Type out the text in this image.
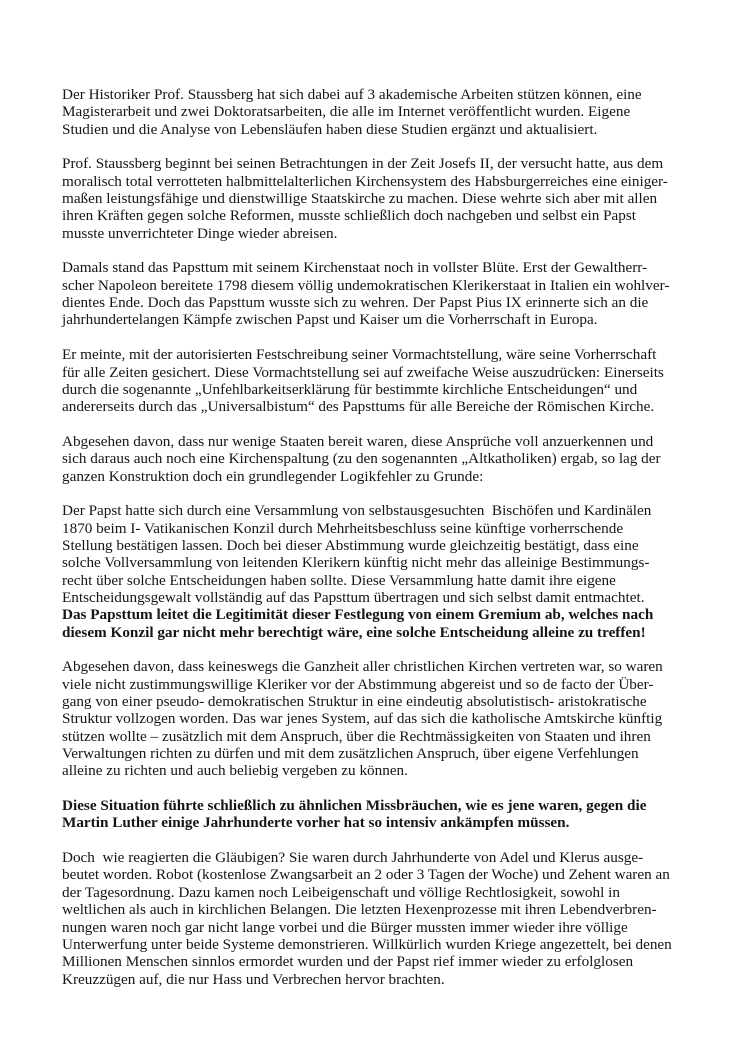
Der Historiker Prof. Staussberg hat sich dabei auf 3 akademische Arbeiten stützen können, eine
Magisterarbeit und zwei Doktoratsarbeiten, die alle im Internet veröffentlicht wurden. Eigene
Studien und die Analyse von Lebensläufen haben diese Studien ergänzt und aktualisiert.

Prof. Staussberg beginnt bei seinen Betrachtungen in der Zeit Josefs II, der versucht hatte, aus dem
moralisch total verrotteten halbmittelalterlichen Kirchensystem des Habsburgerreiches eine einiger-
maßen leistungsfähige und dienstwillige Staatskirche zu machen. Diese wehrte sich aber mit allen
ihren Kräften gegen solche Reformen, musste schließlich doch nachgeben und selbst ein Papst
musste unverrichteter Dinge wieder abreisen.

Damals stand das Papsttum mit seinem Kirchenstaat noch in vollster Blüte. Erst der Gewaltherr-
scher Napoleon bereitete 1798 diesem völlig undemokratischen Klerikerstaat in Italien ein wohlver-
dientes Ende. Doch das Papsttum wusste sich zu wehren. Der Papst Pius IX erinnerte sich an die
jahrhundertelangen Kämpfe zwischen Papst und Kaiser um die Vorherrschaft in Europa.

Er meinte, mit der autorisierten Festschreibung seiner Vormachtstellung, wäre seine Vorherrschaft
für alle Zeiten gesichert. Diese Vormachtstellung sei auf zweifache Weise auszudrücken: Einerseits
durch die sogenannte „Unfehlbarkeitserklärung für bestimmte kirchliche Entscheidungen“ und
andererseits durch das „Universalbistum“ des Papsttums für alle Bereiche der Römischen Kirche.

Abgesehen davon, dass nur wenige Staaten bereit waren, diese Ansprüche voll anzuerkennen und
sich daraus auch noch eine Kirchenspaltung (zu den sogenannten „Altkatholiken) ergab, so lag der
ganzen Konstruktion doch ein grundlegender Logikfehler zu Grunde:

Der Papst hatte sich durch eine Versammlung von selbstausgesuchten  Bischöfen und Kardinälen
1870 beim I- Vatikanischen Konzil durch Mehrheitsbeschluss seine künftige vorherrschende
Stellung bestätigen lassen. Doch bei dieser Abstimmung wurde gleichzeitig bestätigt, dass eine
solche Vollversammlung von leitenden Klerikern künftig nicht mehr das alleinige Bestimmungs-
recht über solche Entscheidungen haben sollte. Diese Versammlung hatte damit ihre eigene
Entscheidungsgewalt vollständig auf das Papsttum übertragen und sich selbst damit entmachtet.
Das Papsttum leitet die Legitimität dieser Festlegung von einem Gremium ab, welches nach
diesem Konzil gar nicht mehr berechtigt wäre, eine solche Entscheidung alleine zu treffen!

Abgesehen davon, dass keineswegs die Ganzheit aller christlichen Kirchen vertreten war, so waren
viele nicht zustimmungswillige Kleriker vor der Abstimmung abgereist und so de facto der Über-
gang von einer pseudo- demokratischen Struktur in eine eindeutig absolutistisch- aristokratische
Struktur vollzogen worden. Das war jenes System, auf das sich die katholische Amtskirche künftig
stützen wollte – zusätzlich mit dem Anspruch, über die Rechtmässigkeiten von Staaten und ihren
Verwaltungen richten zu dürfen und mit dem zusätzlichen Anspruch, über eigene Verfehlungen
alleine zu richten und auch beliebig vergeben zu können.

Diese Situation führte schließlich zu ähnlichen Missbräuchen, wie es jene waren, gegen die
Martin Luther einige Jahrhunderte vorher hat so intensiv ankämpfen müssen.

Doch  wie reagierten die Gläubigen? Sie waren durch Jahrhunderte von Adel und Klerus ausge-
beutet worden. Robot (kostenlose Zwangsarbeit an 2 oder 3 Tagen der Woche) und Zehent waren an
der Tagesordnung. Dazu kamen noch Leibeigenschaft und völlige Rechtlosigkeit, sowohl in
weltlichen als auch in kirchlichen Belangen. Die letzten Hexenprozesse mit ihren Lebendverbren-
nungen waren noch gar nicht lange vorbei und die Bürger mussten immer wieder ihre völlige
Unterwerfung unter beide Systeme demonstrieren. Willkürlich wurden Kriege angezettelt, bei denen
Millionen Menschen sinnlos ermordet wurden und der Papst rief immer wieder zu erfolglosen
Kreuzzügen auf, die nur Hass und Verbrechen hervor brachten.
